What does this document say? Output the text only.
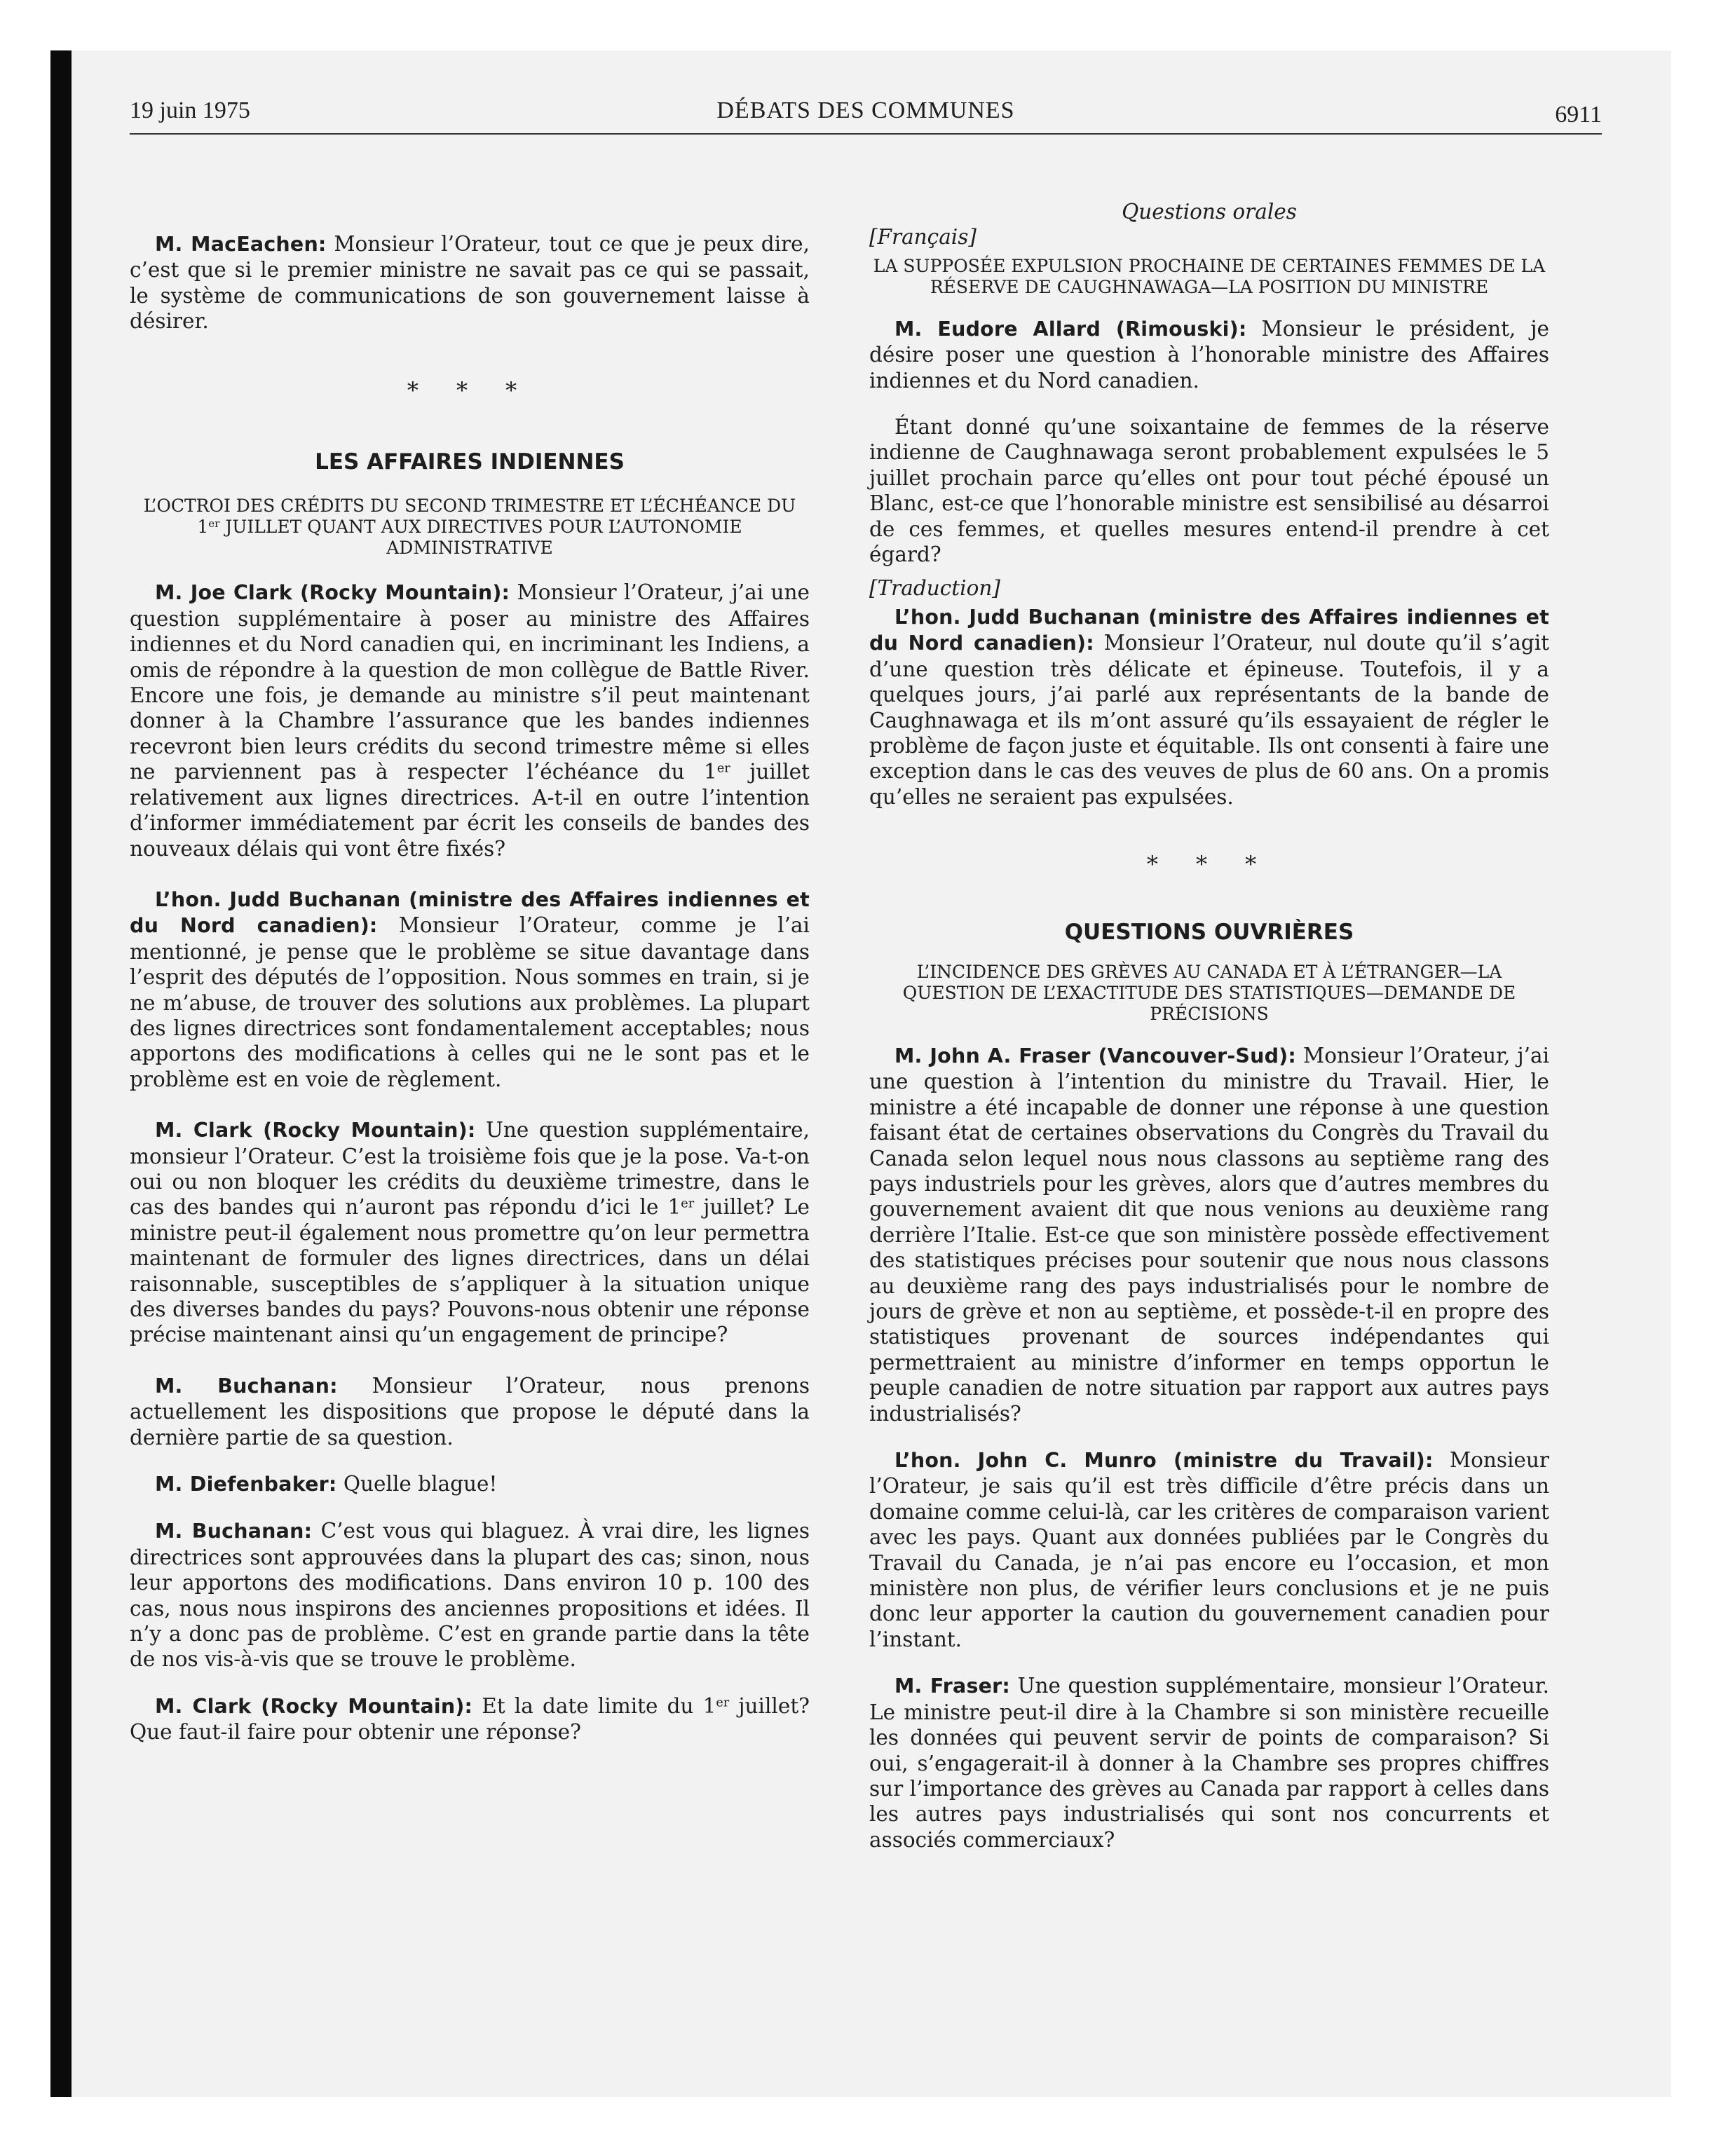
19 juin 1975	DÉBATS DES COMMUNES	6911

M. MacEachen: Monsieur l’Orateur, tout ce que je peux dire, c’est que si le premier ministre ne savait pas ce qui se passait, le système de communications de son gouvernement laisse à désirer.

* * *

LES AFFAIRES INDIENNES

L’OCTROI DES CRÉDITS DU SECOND TRIMESTRE ET L’ÉCHÉANCE DU 1er JUILLET QUANT AUX DIRECTIVES POUR L’AUTONOMIE ADMINISTRATIVE

M. Joe Clark (Rocky Mountain): Monsieur l’Orateur, j’ai une question supplémentaire à poser au ministre des Affaires indiennes et du Nord canadien qui, en incriminant les Indiens, a omis de répondre à la question de mon collègue de Battle River. Encore une fois, je demande au ministre s’il peut maintenant donner à la Chambre l’assurance que les bandes indiennes recevront bien leurs crédits du second trimestre même si elles ne parviennent pas à respecter l’échéance du 1er juillet relativement aux lignes directrices. A-t-il en outre l’intention d’informer immédiatement par écrit les conseils de bandes des nouveaux délais qui vont être fixés?

L’hon. Judd Buchanan (ministre des Affaires indiennes et du Nord canadien): Monsieur l’Orateur, comme je l’ai mentionné, je pense que le problème se situe davantage dans l’esprit des députés de l’opposition. Nous sommes en train, si je ne m’abuse, de trouver des solutions aux problèmes. La plupart des lignes directrices sont fondamentalement acceptables; nous apportons des modifications à celles qui ne le sont pas et le problème est en voie de règlement.

M. Clark (Rocky Mountain): Une question supplémentaire, monsieur l’Orateur. C’est la troisième fois que je la pose. Va-t-on oui ou non bloquer les crédits du deuxième trimestre, dans le cas des bandes qui n’auront pas répondu d’ici le 1er juillet? Le ministre peut-il également nous promettre qu’on leur permettra maintenant de formuler des lignes directrices, dans un délai raisonnable, susceptibles de s’appliquer à la situation unique des diverses bandes du pays? Pouvons-nous obtenir une réponse précise maintenant ainsi qu’un engagement de principe?

M. Buchanan: Monsieur l’Orateur, nous prenons actuellement les dispositions que propose le député dans la dernière partie de sa question.

M. Diefenbaker: Quelle blague!

M. Buchanan: C’est vous qui blaguez. À vrai dire, les lignes directrices sont approuvées dans la plupart des cas; sinon, nous leur apportons des modifications. Dans environ 10 p. 100 des cas, nous nous inspirons des anciennes propositions et idées. Il n’y a donc pas de problème. C’est en grande partie dans la tête de nos vis-à-vis que se trouve le problème.

M. Clark (Rocky Mountain): Et la date limite du 1er juillet? Que faut-il faire pour obtenir une réponse?

Questions orales

[Français]

LA SUPPOSÉE EXPULSION PROCHAINE DE CERTAINES FEMMES DE LA RÉSERVE DE CAUGHNAWAGA—LA POSITION DU MINISTRE

M. Eudore Allard (Rimouski): Monsieur le président, je désire poser une question à l’honorable ministre des Affaires indiennes et du Nord canadien.

Étant donné qu’une soixantaine de femmes de la réserve indienne de Caughnawaga seront probablement expulsées le 5 juillet prochain parce qu’elles ont pour tout péché épousé un Blanc, est-ce que l’honorable ministre est sensibilisé au désarroi de ces femmes, et quelles mesures entend-il prendre à cet égard?

[Traduction]

L’hon. Judd Buchanan (ministre des Affaires indiennes et du Nord canadien): Monsieur l’Orateur, nul doute qu’il s’agit d’une question très délicate et épineuse. Toutefois, il y a quelques jours, j’ai parlé aux représentants de la bande de Caughnawaga et ils m’ont assuré qu’ils essayaient de régler le problème de façon juste et équitable. Ils ont consenti à faire une exception dans le cas des veuves de plus de 60 ans. On a promis qu’elles ne seraient pas expulsées.

* * *

QUESTIONS OUVRIÈRES

L’INCIDENCE DES GRÈVES AU CANADA ET À L’ÉTRANGER—LA QUESTION DE L’EXACTITUDE DES STATISTIQUES—DEMANDE DE PRÉCISIONS

M. John A. Fraser (Vancouver-Sud): Monsieur l’Orateur, j’ai une question à l’intention du ministre du Travail. Hier, le ministre a été incapable de donner une réponse à une question faisant état de certaines observations du Congrès du Travail du Canada selon lequel nous nous classons au septième rang des pays industriels pour les grèves, alors que d’autres membres du gouvernement avaient dit que nous venions au deuxième rang derrière l’Italie. Est-ce que son ministère possède effectivement des statistiques précises pour soutenir que nous nous classons au deuxième rang des pays industrialisés pour le nombre de jours de grève et non au septième, et possède-t-il en propre des statistiques provenant de sources indépendantes qui permettraient au ministre d’informer en temps opportun le peuple canadien de notre situation par rapport aux autres pays industrialisés?

L’hon. John C. Munro (ministre du Travail): Monsieur l’Orateur, je sais qu’il est très difficile d’être précis dans un domaine comme celui-là, car les critères de comparaison varient avec les pays. Quant aux données publiées par le Congrès du Travail du Canada, je n’ai pas encore eu l’occasion, et mon ministère non plus, de vérifier leurs conclusions et je ne puis donc leur apporter la caution du gouvernement canadien pour l’instant.

M. Fraser: Une question supplémentaire, monsieur l’Orateur. Le ministre peut-il dire à la Chambre si son ministère recueille les données qui peuvent servir de points de comparaison? Si oui, s’engagerait-il à donner à la Chambre ses propres chiffres sur l’importance des grèves au Canada par rapport à celles dans les autres pays industrialisés qui sont nos concurrents et associés commerciaux?
